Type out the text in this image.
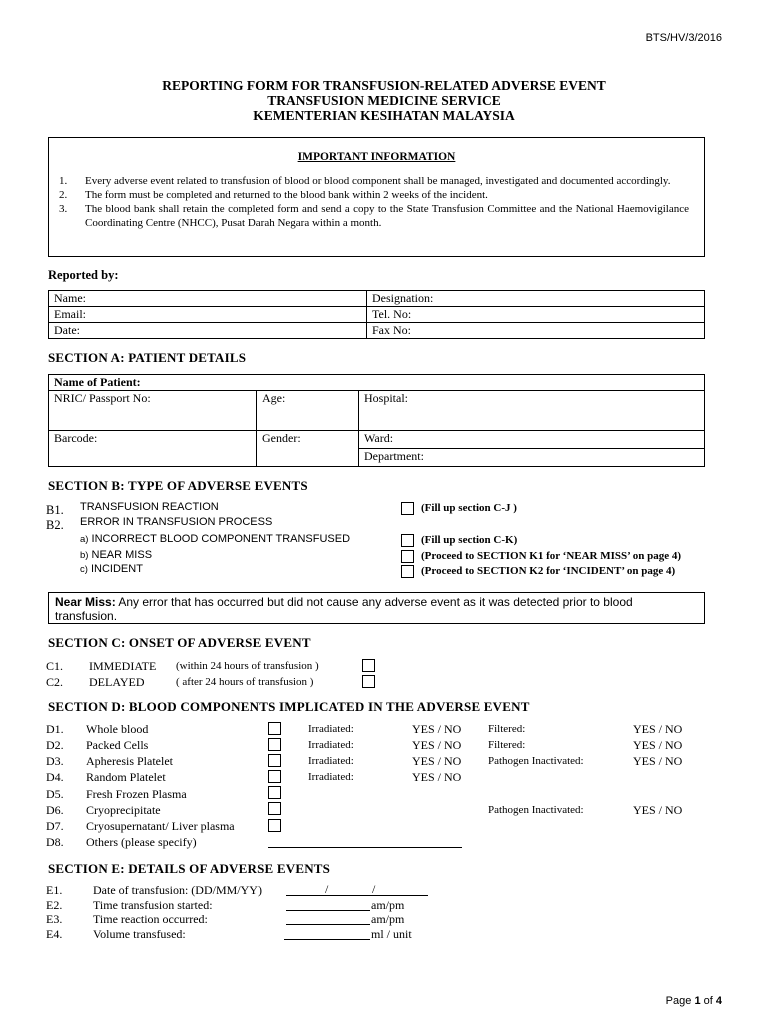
BTS/HV/3/2016
REPORTING FORM FOR TRANSFUSION-RELATED ADVERSE EVENT
TRANSFUSION MEDICINE SERVICE
KEMENTERIAN KESIHATAN MALAYSIA
IMPORTANT INFORMATION
1. Every adverse event related to transfusion of blood or blood component shall be managed, investigated and documented accordingly.
2. The form must be completed and returned to the blood bank within 2 weeks of the incident.
3. The blood bank shall retain the completed form and send a copy to the State Transfusion Committee and the National Haemovigilance Coordinating Centre (NHCC), Pusat Darah Negara within a month.
Reported by:
Name:	Designation:
Email:	Tel. No:
Date:	Fax No:
SECTION A: PATIENT DETAILS
Name of Patient:		
NRIC/ Passport No:	Age:	Hospital:
Barcode:	Gender:	Ward:
		Department:
SECTION B: TYPE OF ADVERSE EVENTS
B1. TRANSFUSION REACTION	(Fill up section C-J )
B2. ERROR IN TRANSFUSION PROCESS
a) INCORRECT BLOOD COMPONENT TRANSFUSED	(Fill up section C-K)
b) NEAR MISS	(Proceed to SECTION K1 for ‘NEAR MISS’ on page 4)
c) INCIDENT	(Proceed to SECTION K2 for ‘INCIDENT’ on page 4)
Near Miss: Any error that has occurred but did not cause any adverse event as it was detected prior to blood transfusion.
SECTION C: ONSET OF ADVERSE EVENT
C1. IMMEDIATE (within 24 hours of transfusion )
C2. DELAYED	( after 24 hours of transfusion )
SECTION D: BLOOD COMPONENTS IMPLICATED IN THE ADVERSE EVENT
D1. Whole blood	Irradiated:	YES / NO Filtered:	YES / NO
D2. Packed Cells	Irradiated:	YES / NO Filtered:	YES / NO
D3. Apheresis Platelet	Irradiated:	YES / NO Pathogen Inactivated:	YES / NO
D4. Random Platelet	Irradiated:	YES / NO
D5. Fresh Frozen Plasma
D6. Cryoprecipitate	Pathogen Inactivated:	YES / NO
D7. Cryosupernatant/ Liver plasma
D8. Others (please specify)
SECTION E: DETAILS OF ADVERSE EVENTS
E1.	Date of transfusion: (DD/MM/YY)	/	/
E2.	Time transfusion started:	am/pm
E3.	Time reaction occurred:	am/pm
E4.	Volume transfused:	ml / unit
Page 1 of 4
